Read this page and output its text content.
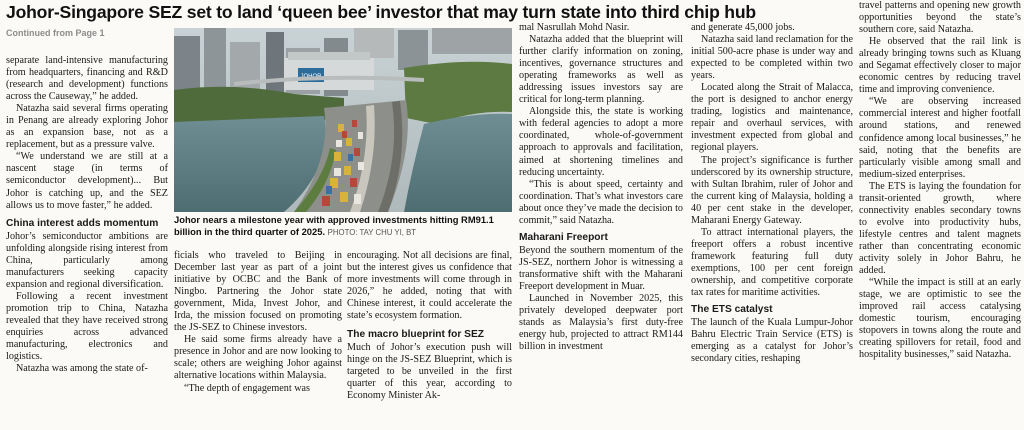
Johor-Singapore SEZ set to land ‘queen bee’ investor that may turn state into third chip hub
Continued from Page 1

separate land-intensive manufacturing from headquarters, financing and R&D (research and development) functions across the Causeway,” he added.

Natazha said several firms operating in Penang are already exploring Johor as an expansion base, not as a replacement, but as a pressure valve.

“We understand we are still at a nascent stage (in terms of semiconductor development)... But Johor is catching up, and the SEZ allows us to move faster,” he added.

China interest adds momentum

Johor’s semiconductor ambitions are unfolding alongside rising interest from China, particularly among manufacturers seeking capacity expansion and regional diversification.

Following a recent investment promotion trip to China, Natazha revealed that they have received strong enquiries across advanced manufacturing, electronics and logistics.

Natazha was among the state of-

JOHOR
Johor nears a milestone year with approved investments hitting RM91.1 billion in the third quarter of 2025. PHOTO: TAY CHU YI, BT

ficials who traveled to Beijing in December last year as part of a joint initiative by OCBC and the Bank of Ningbo. Partnering the Johor state government, Mida, Invest Johor, and Irda, the mission focused on promoting the JS-SEZ to Chinese investors.

He said some firms already have a presence in Johor and are now looking to scale; others are weighing Johor against alternative locations within Malaysia.

“The depth of engagement was

encouraging. Not all decisions are final, but the interest gives us confidence that more investments will come through in 2026,” he added, noting that with Chinese interest, it could accelerate the state’s ecosystem formation.

The macro blueprint for SEZ

Much of Johor’s execution push will hinge on the JS-SEZ Blueprint, which is targeted to be unveiled in the first quarter of this year, according to Economy Minister Ak-

mal Nasrullah Mohd Nasir.

Natazha added that the blueprint will further clarify information on zoning, incentives, governance structures and operating frameworks as well as addressing issues investors say are critical for long-term planning.

Alongside this, the state is working with federal agencies to adopt a more coordinated, whole-of-government approach to approvals and facilitation, aimed at shortening timelines and reducing uncertainty.

“This is about speed, certainty and coordination. That’s what investors care about once they’ve made the decision to commit,” said Natazha.

Maharani Freeport

Beyond the southern momentum of the JS-SEZ, northern Johor is witnessing a transformative shift with the Maharani Freeport development in Muar.

Launched in November 2025, this privately developed deepwater port stands as Malaysia’s first duty-free energy hub, projected to attract RM144 billion in investment

and generate 45,000 jobs.

Natazha said land reclamation for the initial 500-acre phase is under way and expected to be completed within two years.

Located along the Strait of Malacca, the port is designed to anchor energy trading, logistics and maintenance, repair and overhaul services, with investment expected from global and regional players.

The project’s significance is further underscored by its ownership structure, with Sultan Ibrahim, ruler of Johor and the current king of Malaysia, holding a 40 per cent stake in the developer, Maharani Energy Gateway.

To attract international players, the freeport offers a robust incentive framework featuring full duty exemptions, 100 per cent foreign ownership, and competitive corporate tax rates for maritime activities.

The ETS catalyst

The launch of the Kuala Lumpur-Johor Bahru Electric Train Service (ETS) is emerging as a catalyst for Johor’s secondary cities, reshaping

travel patterns and opening new growth opportunities beyond the state’s southern core, said Natazha.

He observed that the rail link is already bringing towns such as Kluang and Segamat effectively closer to major economic centres by reducing travel time and improving convenience.

“We are observing increased commercial interest and higher footfall around stations, and renewed confidence among local businesses,” he said, noting that the benefits are particularly visible among small and medium-sized enterprises.

The ETS is laying the foundation for transit-oriented growth, where connectivity enables secondary towns to evolve into productivity hubs, lifestyle centres and talent magnets rather than concentrating economic activity solely in Johor Bahru, he added.

“While the impact is still at an early stage, we are optimistic to see the improved rail access catalysing domestic tourism, encouraging stopovers in towns along the route and creating spillovers for retail, food and hospitality businesses,” said Natazha.
